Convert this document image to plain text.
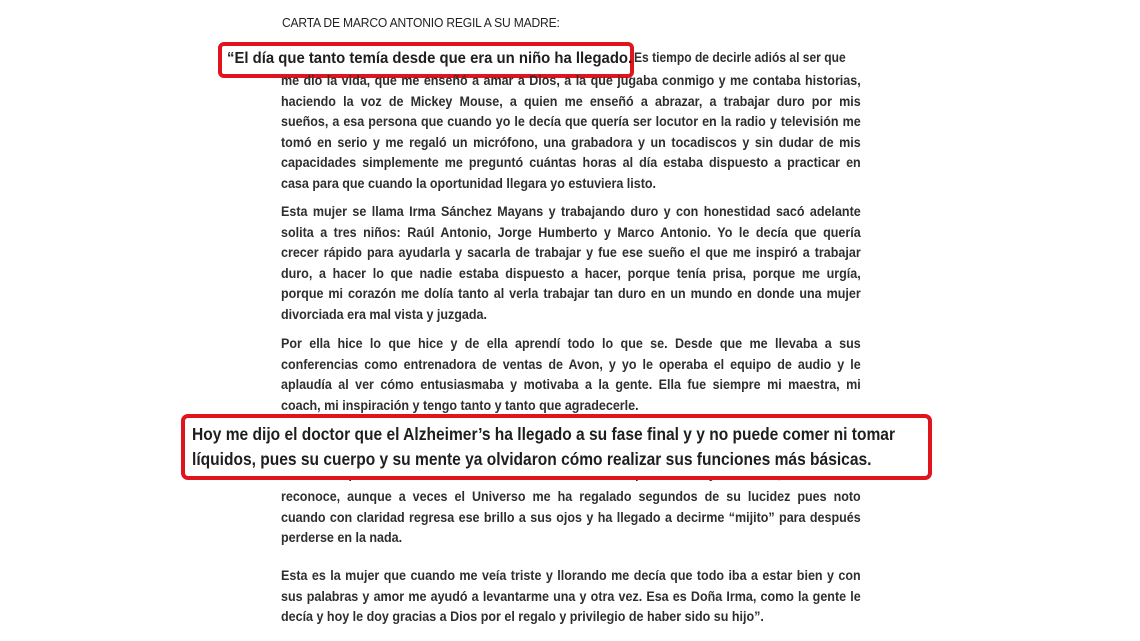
CARTA DE MARCO ANTONIO REGIL A SU MADRE:
“El día que tanto temía desde que era un niño ha llegado. Es tiempo de decirle adiós al ser que
me dio la vida, que me enseñó a amar a Dios, a la que jugaba conmigo y me contaba historias,
haciendo la voz de Mickey Mouse, a quien me enseñó a abrazar, a trabajar duro por mis
sueños, a esa persona que cuando yo le decía que quería ser locutor en la radio y televisión me
tomó en serio y me regaló un micrófono, una grabadora y un tocadiscos y sin dudar de mis
capacidades simplemente me preguntó cuántas horas al día estaba dispuesto a practicar en
casa para que cuando la oportunidad llegara yo estuviera listo.
Esta mujer se llama Irma Sánchez Mayans y trabajando duro y con honestidad sacó adelante
solita a tres niños: Raúl Antonio, Jorge Humberto y Marco Antonio. Yo le decía que quería
crecer rápido para ayudarla y sacarla de trabajar y fue ese sueño el que me inspiró a trabajar
duro, a hacer lo que nadie estaba dispuesto a hacer, porque tenía prisa, porque me urgía,
porque mi corazón me dolía tanto al verla trabajar tan duro en un mundo en donde una mujer
divorciada era mal vista y juzgada.
Por ella hice lo que hice y de ella aprendí todo lo que se. Desde que me llevaba a sus
conferencias como entrenadora de ventas de Avon, y yo le operaba el equipo de audio y le
aplaudía al ver cómo entusiasmaba y motivaba a la gente. Ella fue siempre mi maestra, mi
coach, mi inspiración y tengo tanto y tanto que agradecerle.
Hoy me dijo el doctor que el Alzheimer’s ha llegado a su fase final y y no puede comer ni tomar
líquidos, pues su cuerpo y su mente ya olvidaron cómo realizar sus funciones más básicas.
reconoce, aunque a veces el Universo me ha regalado segundos de su lucidez pues noto
cuando con claridad regresa ese brillo a sus ojos y ha llegado a decirme “mijito” para después
perderse en la nada.
Esta es la mujer que cuando me veía triste y llorando me decía que todo iba a estar bien y con
sus palabras y amor me ayudó a levantarme una y otra vez. Esa es Doña Irma, como la gente le
decía y hoy le doy gracias a Dios por el regalo y privilegio de haber sido su hijo”.
